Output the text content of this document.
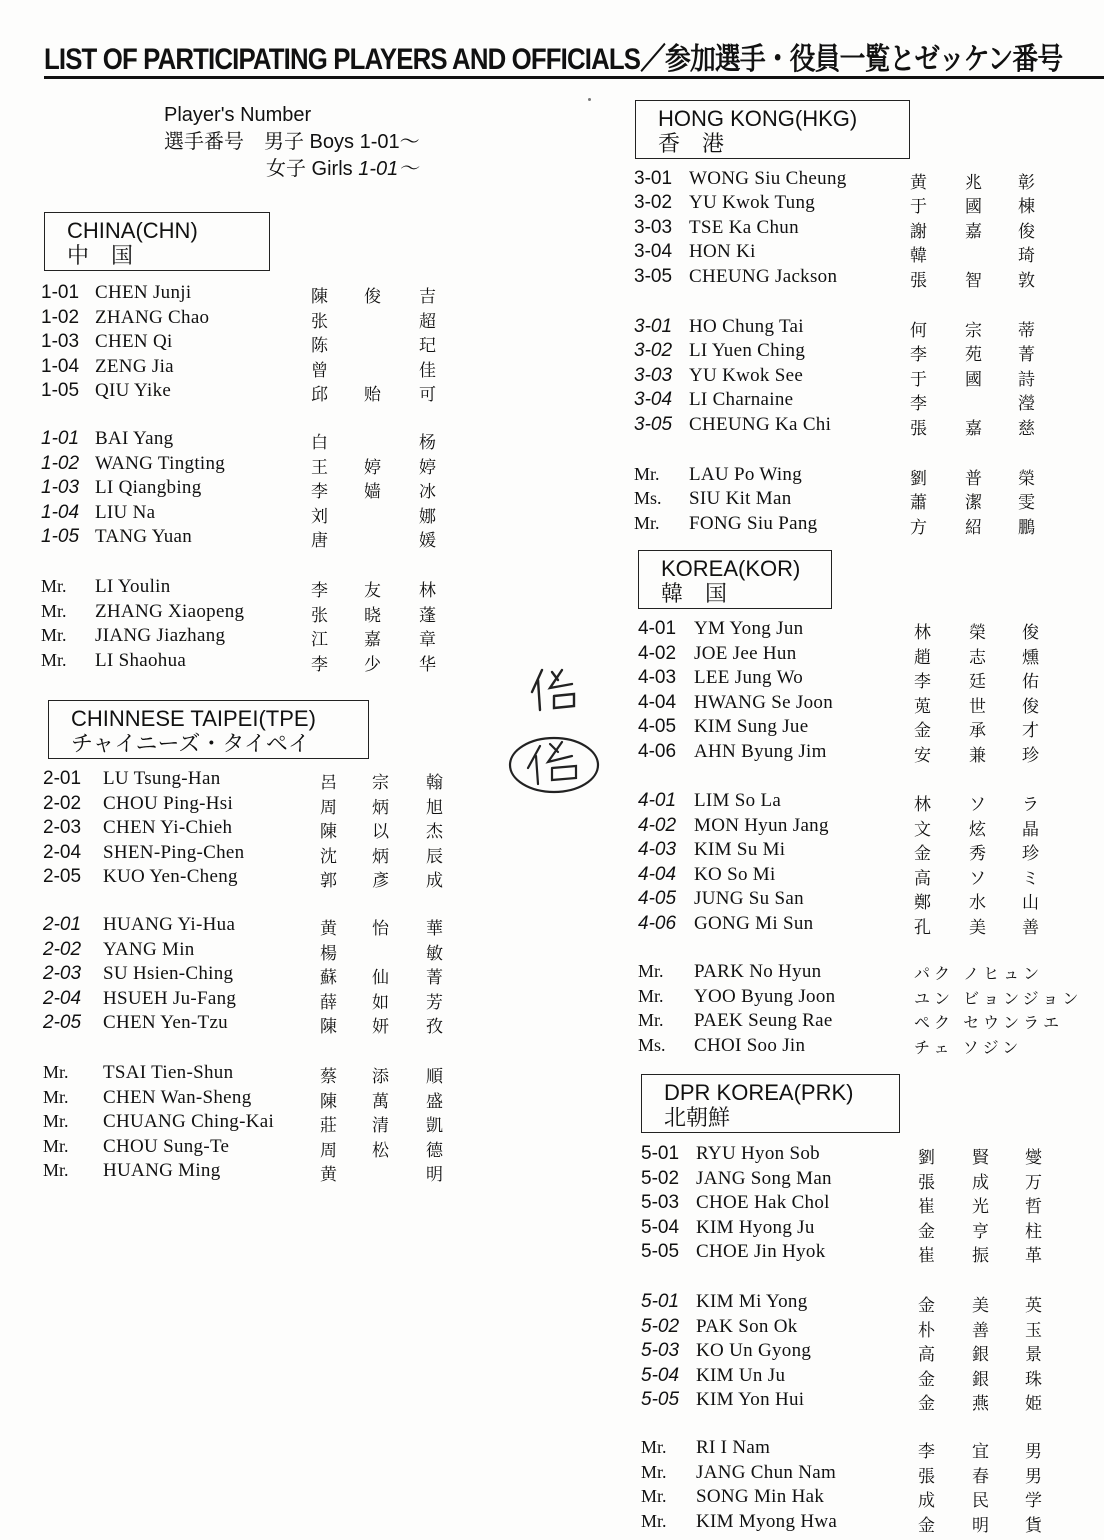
LIST OF PARTICIPATING PLAYERS AND OFFICIALS／参加選手・役員一覧とゼッケン番号
Player's Number
選手番号　男子 Boys 1-01～
女子 Girls 1-01～
CHINA(CHN)
中　国
CHINNESE TAIPEI(TPE)
チャイニーズ・タイペイ
HONG KONG(HKG)
香　港
KOREA(KOR)
韓　国
DPR KOREA(PRK)
北朝鮮
1-01 CHEN Junji	陳 俊 吉
1-02 ZHANG Chao	张	超
1-03 CHEN Qi	陈	玘
1-04 ZENG Jia	曾	佳
1-05 QIU Yike	邱 贻 可
1-01 BAI Yang	白	杨
1-02 WANG Tingting	王 婷 婷
1-03 LI Qiangbing	李 嫱 冰
1-04 LIU Na	刘	娜
1-05 TANG Yuan	唐	媛
Mr. LI Youlin	李 友 林
Mr. ZHANG Xiaopeng	张 晓 蓬
Mr. JIANG Jiazhang	江 嘉 章
Mr. LI Shaohua	李 少 华
2-01 LU Tsung-Han	呂 宗 翰
2-02 CHOU Ping-Hsi	周 炳 旭
2-03 CHEN Yi-Chieh	陳 以 杰
2-04 SHEN-Ping-Chen	沈 炳 辰
2-05 KUO Yen-Cheng	郭 彥 成
2-01 HUANG Yi-Hua	黄 怡 華
2-02 YANG Min	楊	敏
2-03 SU Hsien-Ching	蘇 仙 菁
2-04 HSUEH Ju-Fang	薛 如 芳
2-05 CHEN Yen-Tzu	陳 妍 孜
Mr. TSAI Tien-Shun	蔡 添 順
Mr. CHEN Wan-Sheng	陳 萬 盛
Mr. CHUANG Ching-Kai	莊 清 凱
Mr. CHOU Sung-Te	周 松 德
Mr. HUANG Ming	黄	明
3-01 WONG Siu Cheung	黄 兆 彰
3-02 YU Kwok Tung	于 國 棟
3-03 TSE Ka Chun	謝 嘉 俊
3-04 HON Ki	韓	琦
3-05 CHEUNG Jackson	張 智 敦
3-01 HO Chung Tai	何 宗 蒂
3-02 LI Yuen Ching	李 苑 菁
3-03 YU Kwok See	于 國 詩
3-04 LI Charnaine	李	瀅
3-05 CHEUNG Ka Chi	張 嘉 慈
Mr. LAU Po Wing	劉 普 榮
Ms. SIU Kit Man	蕭 潔 雯
Mr. FONG Siu Pang	方 紹 鵬
4-01 YM Yong Jun	林 榮 俊
4-02 JOE Jee Hun	趙 志 燻
4-03 LEE Jung Wo	李 廷 佑
4-04 HWANG Se Joon	莵 世 俊
4-05 KIM Sung Jue	金 承 才
4-06 AHN Byung Jim	安 兼 珍
4-01 LIM So La	林 ソ ラ
4-02 MON Hyun Jang	文 炫 晶
4-03 KIM Su Mi	金 秀 珍
4-04 KO So Mi	高 ソ ミ
4-05 JUNG Su San	鄭 水 山
4-06 GONG Mi Sun	孔 美 善
Mr. PARK No Hyun	パク ノヒュン
Mr. YOO Byung Joon	ユン ビョンジョン
Mr. PAEK Seung Rae	ペク セウンラエ
Ms. CHOI Soo Jin	チェ ソジン
5-01 RYU Hyon Sob	劉 賢 燮
5-02 JANG Song Man	張 成 万
5-03 CHOE Hak Chol	崔 光 哲
5-04 KIM Hyong Ju	金 亨 柱
5-05 CHOE Jin Hyok	崔 振 革
5-01 KIM Mi Yong	金 美 英
5-02 PAK Son Ok	朴 善 玉
5-03 KO Un Gyong	高 銀 景
5-04 KIM Un Ju	金 銀 珠
5-05 KIM Yon Hui	金 燕 姫
Mr. RI I Nam	李 宜 男
Mr. JANG Chun Nam	張 春 男
Mr. SONG Min Hak	成 民 学
Mr. KIM Myong Hwa	金 明 貨
